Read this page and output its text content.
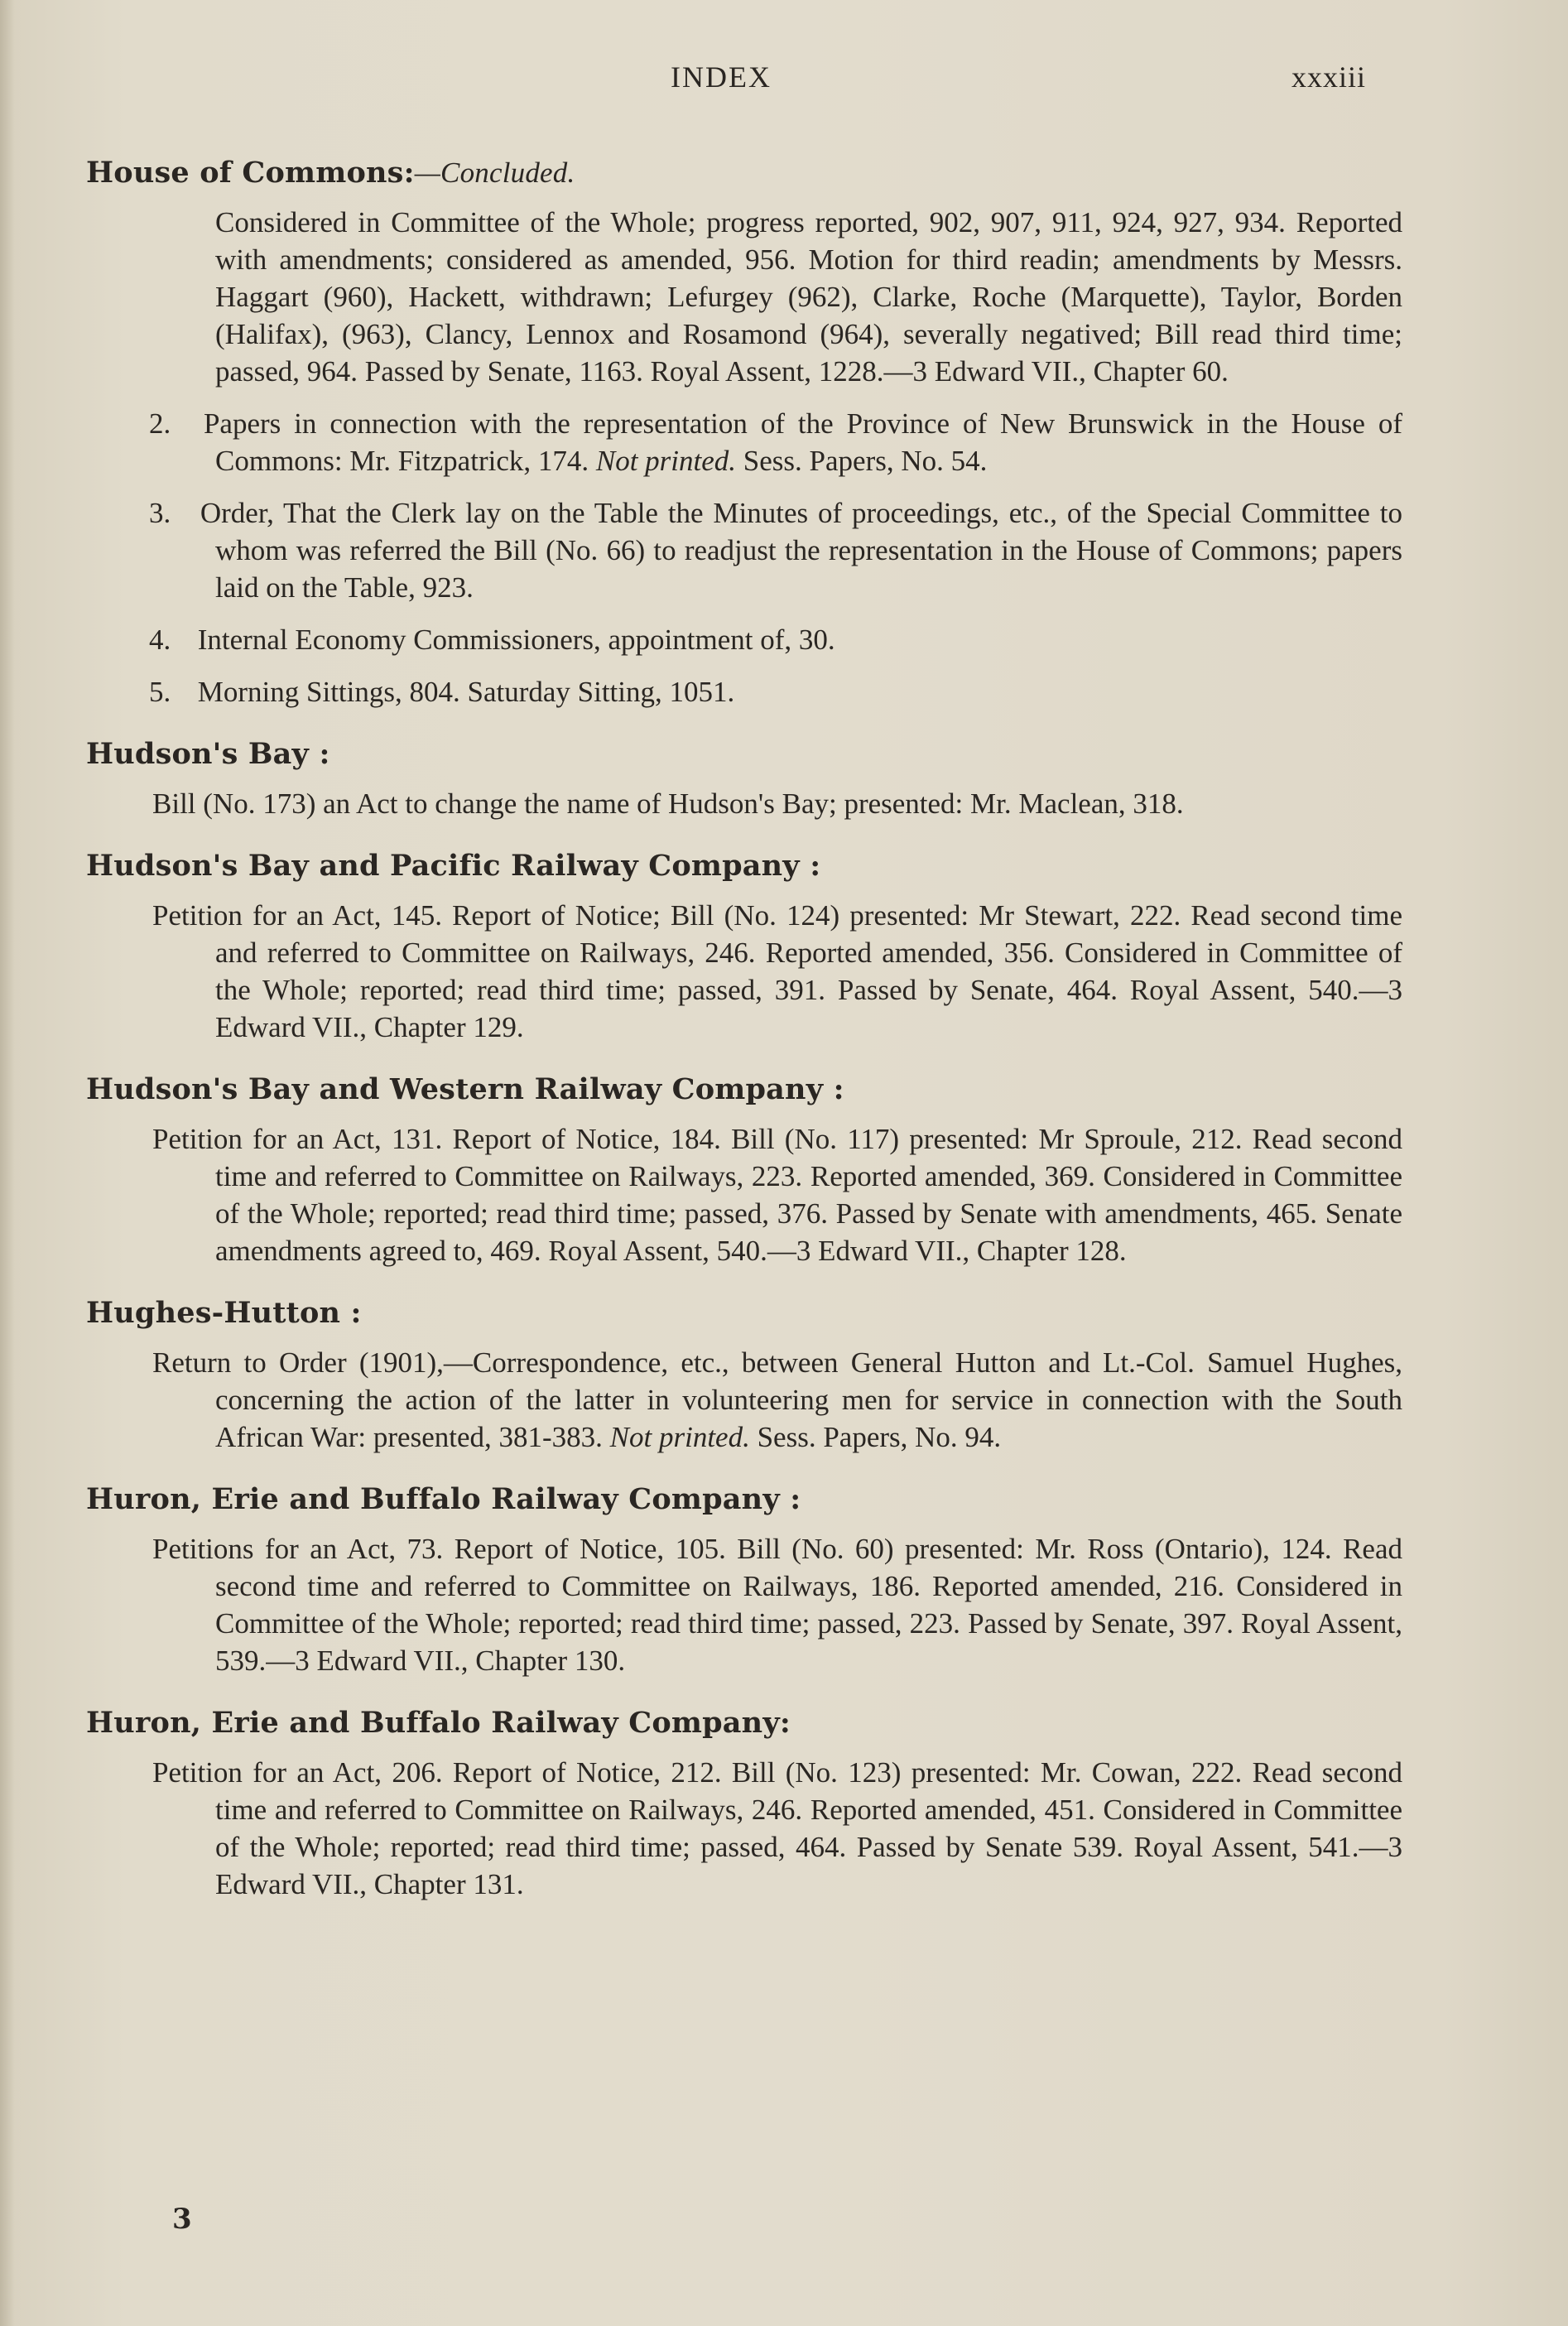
INDEX	xxxiii
House of Commons:—Concluded.
Considered in Committee of the Whole; progress reported, 902, 907, 911, 924, 927, 934. Reported with amendments; considered as amended, 956. Motion for third readin; amendments by Messrs. Haggart (960), Hackett, withdrawn; Lefurgey (962), Clarke, Roche (Marquette), Taylor, Borden (Halifax), (963), Clancy, Lennox and Rosamond (964), severally negatived; Bill read third time; passed, 964. Passed by Senate, 1163. Royal Assent, 1228.—3 Edward VII., Chapter 60.
2. Papers in connection with the representation of the Province of New Brunswick in the House of Commons: Mr. Fitzpatrick, 174. Not printed. Sess. Papers, No. 54.
3. Order, That the Clerk lay on the Table the Minutes of proceedings, etc., of the Special Committee to whom was referred the Bill (No. 66) to readjust the representation in the House of Commons; papers laid on the Table, 923.
4. Internal Economy Commissioners, appointment of, 30.
5. Morning Sittings, 804. Saturday Sitting, 1051.
Hudson's Bay :
Bill (No. 173) an Act to change the name of Hudson's Bay; presented: Mr. Maclean, 318.
Hudson's Bay and Pacific Railway Company :
Petition for an Act, 145. Report of Notice; Bill (No. 124) presented: Mr Stewart, 222. Read second time and referred to Committee on Railways, 246. Reported amended, 356. Considered in Committee of the Whole; reported; read third time; passed, 391. Passed by Senate, 464. Royal Assent, 540.—3 Edward VII., Chapter 129.
Hudson's Bay and Western Railway Company :
Petition for an Act, 131. Report of Notice, 184. Bill (No. 117) presented: Mr Sproule, 212. Read second time and referred to Committee on Railways, 223. Reported amended, 369. Considered in Committee of the Whole; reported; read third time; passed, 376. Passed by Senate with amendments, 465. Senate amendments agreed to, 469. Royal Assent, 540.—3 Edward VII., Chapter 128.
Hughes-Hutton :
Return to Order (1901),—Correspondence, etc., between General Hutton and Lt.-Col. Samuel Hughes, concerning the action of the latter in volunteering men for service in connection with the South African War: presented, 381-383. Not printed. Sess. Papers, No. 94.
Huron, Erie and Buffalo Railway Company :
Petitions for an Act, 73. Report of Notice, 105. Bill (No. 60) presented: Mr. Ross (Ontario), 124. Read second time and referred to Committee on Railways, 186. Reported amended, 216. Considered in Committee of the Whole; reported; read third time; passed, 223. Passed by Senate, 397. Royal Assent, 539.—3 Edward VII., Chapter 130.
Huron, Erie and Buffalo Railway Company:
Petition for an Act, 206. Report of Notice, 212. Bill (No. 123) presented: Mr. Cowan, 222. Read second time and referred to Committee on Railways, 246. Reported amended, 451. Considered in Committee of the Whole; reported; read third time; passed, 464. Passed by Senate 539. Royal Assent, 541.—3 Edward VII., Chapter 131.
3
